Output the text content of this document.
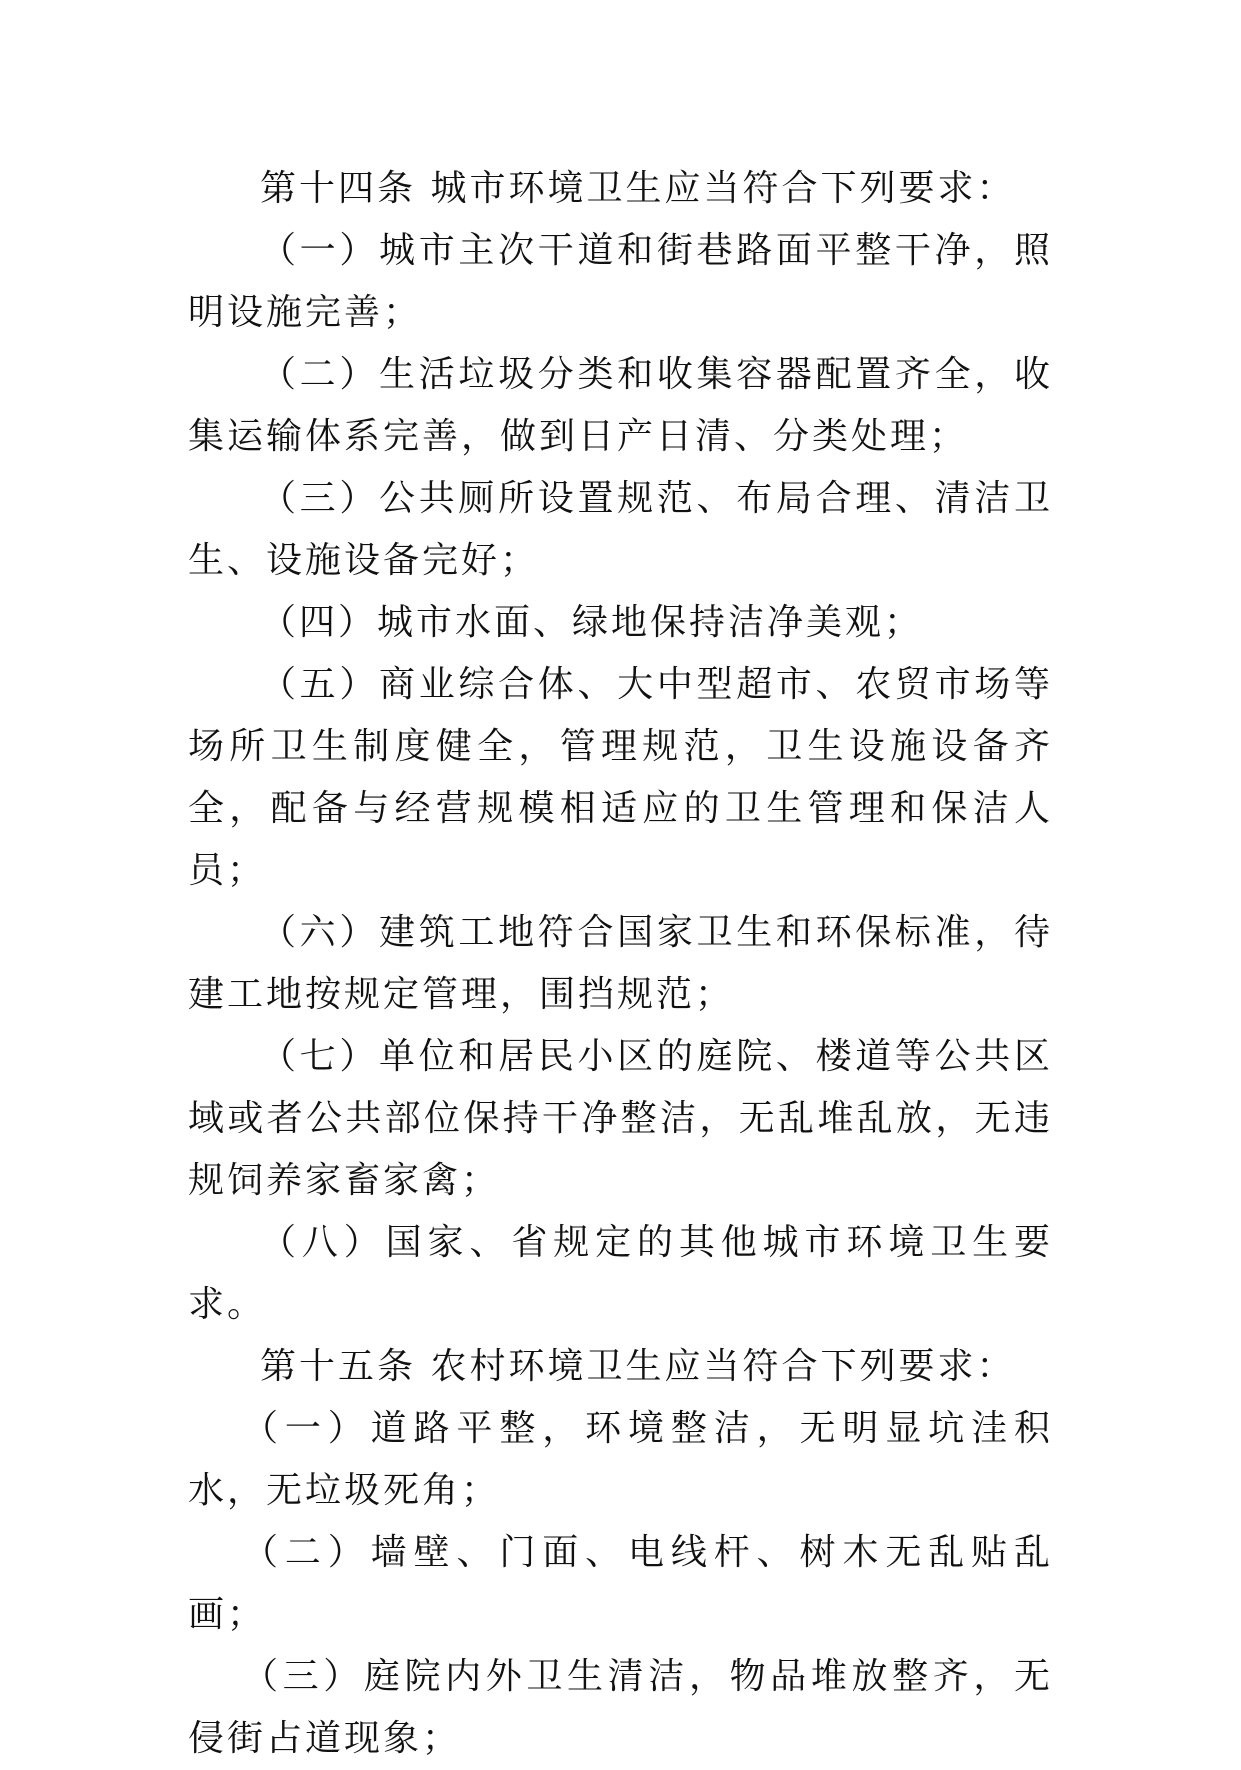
第十四条 城市环境卫生应当符合下列要求：

（一）城市主次干道和街巷路面平整干净，照明设施完善；

（二）生活垃圾分类和收集容器配置齐全，收集运输体系完善，做到日产日清、分类处理；

（三）公共厕所设置规范、布局合理、清洁卫生、设施设备完好；

（四）城市水面、绿地保持洁净美观；

（五）商业综合体、大中型超市、农贸市场等场所卫生制度健全，管理规范，卫生设施设备齐全，配备与经营规模相适应的卫生管理和保洁人员；

（六）建筑工地符合国家卫生和环保标准，待建工地按规定管理，围挡规范；

（七）单位和居民小区的庭院、楼道等公共区域或者公共部位保持干净整洁，无乱堆乱放，无违规饲养家畜家禽；

（八）国家、省规定的其他城市环境卫生要求。

第十五条 农村环境卫生应当符合下列要求：

（一）道路平整，环境整洁，无明显坑洼积水，无垃圾死角；

（二）墙壁、门面、电线杆、树木无乱贴乱画；

（三）庭院内外卫生清洁，物品堆放整齐，无侵街占道现象；
